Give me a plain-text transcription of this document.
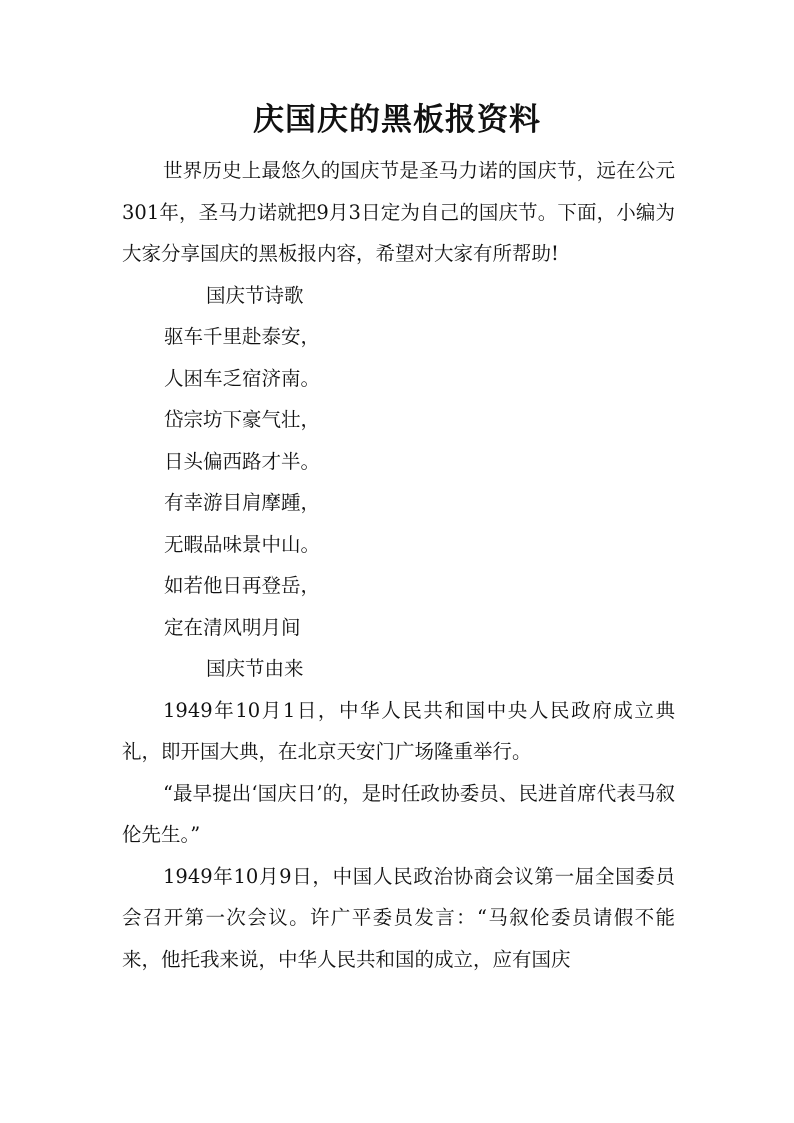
庆国庆的黑板报资料

世界历史上最悠久的国庆节是圣马力诺的国庆节，远在公元301年，圣马力诺就把9月3日定为自己的国庆节。下面，小编为大家分享国庆的黑板报内容，希望对大家有所帮助!

国庆节诗歌

驱车千里赴泰安，

人困车乏宿济南。

岱宗坊下豪气壮，

日头偏西路才半。

有幸游目肩摩踵，

无暇品味景中山。

如若他日再登岳，

定在清风明月间

国庆节由来

1949年10月1日，中华人民共和国中央人民政府成立典礼，即开国大典，在北京天安门广场隆重举行。

“最早提出‘国庆日’的，是时任政协委员、民进首席代表马叙伦先生。”

1949年10月9日，中国人民政治协商会议第一届全国委员会召开第一次会议。许广平委员发言：“马叙伦委员请假不能来，他托我来说，中华人民共和国的成立，应有国庆
